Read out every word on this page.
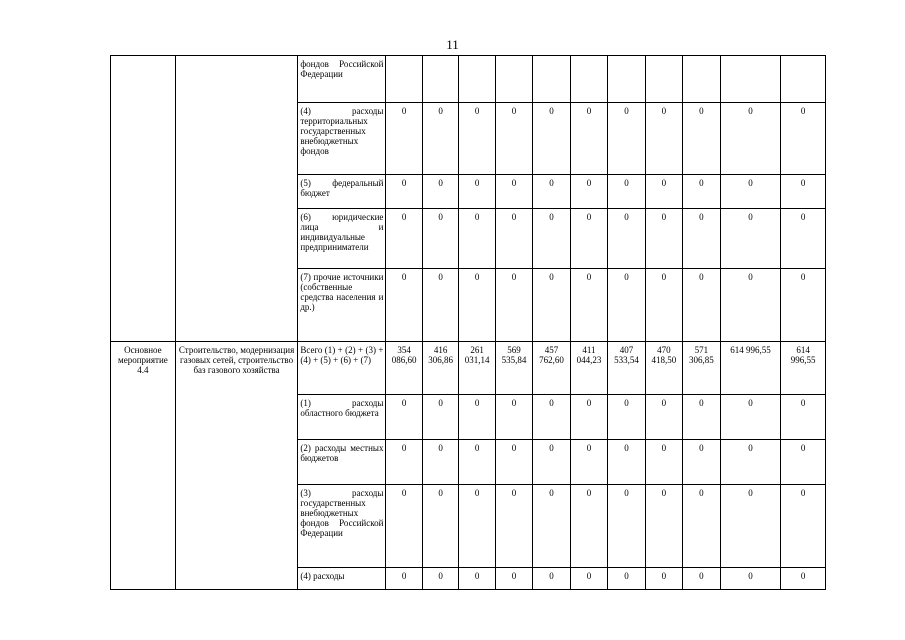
11
		фондов Российской Федерации											
		(4) расходы территориальных государственных внебюджетных фондов	0	0	0	0	0	0	0	0	0	0	0
		(5) федеральный бюджет	0	0	0	0	0	0	0	0	0	0	0
		(6) юридические лица и индивидуальные предприниматели	0	0	0	0	0	0	0	0	0	0	0
		(7) прочие источники (собственные средства населения и др.)	0	0	0	0	0	0	0	0	0	0	0
Основное мероприятие 4.4	Строительство, модернизация газовых сетей, строительство баз газового хозяйства	Всего (1) + (2) + (3) + (4) + (5) + (6) + (7)	354 086,60	416 306,86	261 031,14	569 535,84	457 762,60	411 044,23	407 533,54	470 418,50	571 306,85	614 996,55	614 996,55
		(1) расходы областного бюджета	0	0	0	0	0	0	0	0	0	0	0
		(2) расходы местных бюджетов	0	0	0	0	0	0	0	0	0	0	0
		(3) расходы государственных внебюджетных фондов Российской Федерации	0	0	0	0	0	0	0	0	0	0	0
		(4) расходы	0	0	0	0	0	0	0	0	0	0	0
